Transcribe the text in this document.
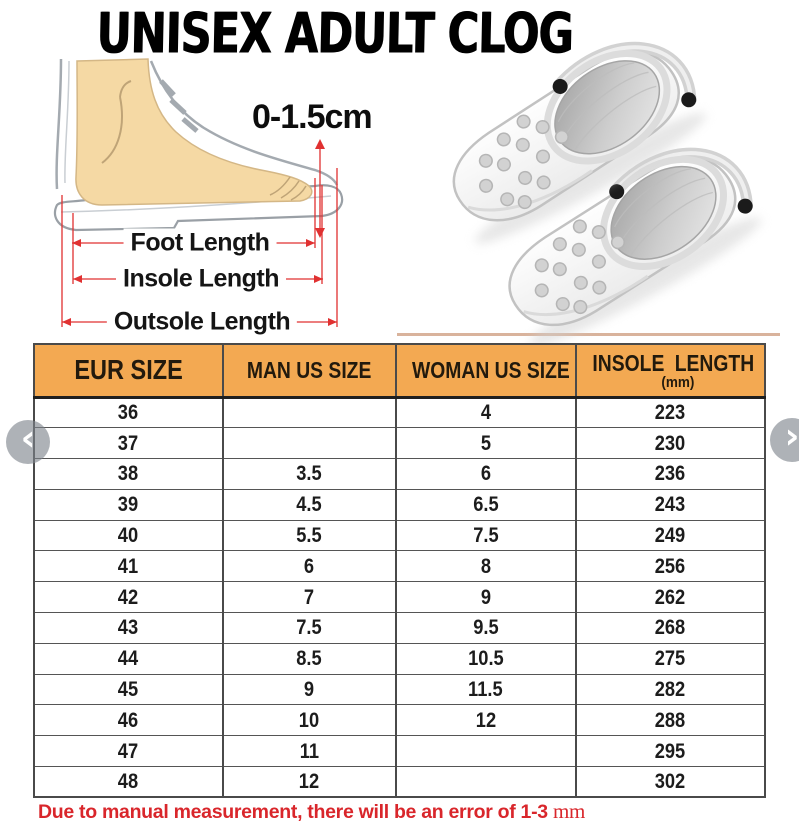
UNISEX ADULT CLOG
0-1.5cm
Foot Length
Insole Length
Outsole Length
EUR SIZE	MAN US SIZE	WOMAN US SIZE	INSOLE LENGTH
(mm)

36		4	223
37		5	230
38	3.5	6	236
39	4.5	6.5	243
40	5.5	7.5	249
41	6	8	256
42	7	9	262
43	7.5	9.5	268
44	8.5	10.5	275
45	9	11.5	282
46	10	12	288
47	11		295
48	12		302
Due to manual measurement, there will be an error of 1-3 mm
‹	›
